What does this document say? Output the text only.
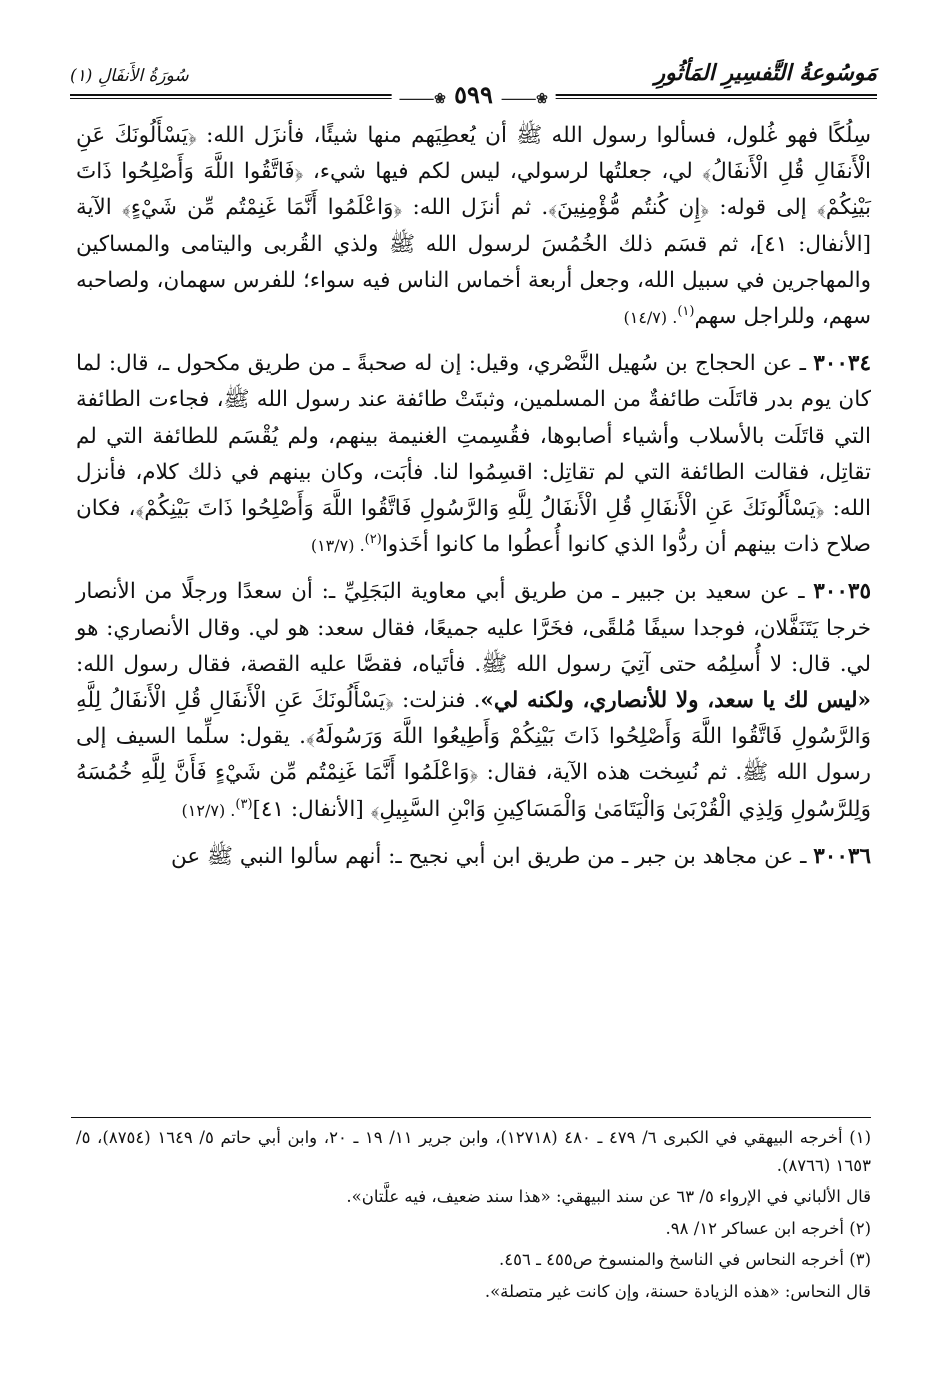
مَوسُوعةُ التَّفسِيرِ المَأثُورِ
❀⸻ ٥٩٩ ❀⸻
سُورَةُ الأَنفَالِ (١)

سِلُكًا فهو غُلول، فسألوا رسول الله ﷺ أن يُعطِيَهم منها شيئًا، فأنزَل الله: ﴿يَسْأَلُونَكَ عَنِ الْأَنفَالِ قُلِ الْأَنفَالُ﴾ لي، جعلتُها لرسولي، ليس لكم فيها شيء، ﴿فَاتَّقُوا اللَّهَ وَأَصْلِحُوا ذَاتَ بَيْنِكُمْ﴾ إلى قوله: ﴿إِن كُنتُم مُّؤْمِنِينَ﴾. ثم أنزَل الله: ﴿وَاعْلَمُوا أَنَّمَا غَنِمْتُم مِّن شَيْءٍ﴾ الآية [الأنفال: ٤١]، ثم قسَم ذلك الخُمُسَ لرسول الله ﷺ ولذي القُربى واليتامى والمساكين والمهاجرين في سبيل الله، وجعل أربعة أخماس الناس فيه سواء؛ للفرس سهمان، ولصاحبه سهم، وللراجل سهم$^{(١)}$. (١٤/٧)

٣٠٠٣٤ ـ عن الحجاج بن سُهيل النَّصْري، وقيل: إن له صحبةً ـ من طريق مكحول ـ، قال: لما كان يوم بدر قاتَلَت طائفةٌ من المسلمين، وثبتَتْ طائفة عند رسول الله ﷺ، فجاءت الطائفة التي قاتَلَت بالأسلاب وأشياء أصابوها، فقُسِمتِ الغنيمة بينهم، ولم يُقْسَم للطائفة التي لم تقاتِل، فقالت الطائفة التي لم تقاتِل: اقسِمُوا لنا. فأبَت، وكان بينهم في ذلك كلام، فأنزل الله: ﴿يَسْأَلُونَكَ عَنِ الْأَنفَالِ قُلِ الْأَنفَالُ لِلَّهِ وَالرَّسُولِ فَاتَّقُوا اللَّهَ وَأَصْلِحُوا ذَاتَ بَيْنِكُمْ﴾، فكان صلاح ذات بينهم أن ردُّوا الذي كانوا أُعطُوا ما كانوا أخَذوا$^{(٢)}$. (١٣/٧)

٣٠٠٣٥ ـ عن سعيد بن جبير ـ من طريق أبي معاوية البَجَلِيِّ ـ: أن سعدًا ورجلًا من الأنصار خرجا يَتَنَفَّلان، فوجدا سيفًا مُلقًى، فخَرَّا عليه جميعًا، فقال سعد: هو لي. وقال الأنصاري: هو لي. قال: لا أُسلِمُه حتى آتِيَ رسول الله ﷺ. فأتَياه، فقصَّا عليه القصة، فقال رسول الله: «ليس لك يا سعد، ولا للأنصاري، ولكنه لي». فنزلت: ﴿يَسْأَلُونَكَ عَنِ الْأَنفَالِ قُلِ الْأَنفَالُ لِلَّهِ وَالرَّسُولِ فَاتَّقُوا اللَّهَ وَأَصْلِحُوا ذَاتَ بَيْنِكُمْ وَأَطِيعُوا اللَّهَ وَرَسُولَهُ﴾. يقول: سلِّما السيف إلى رسول الله ﷺ. ثم نُسِخت هذه الآية، فقال: ﴿وَاعْلَمُوا أَنَّمَا غَنِمْتُم مِّن شَيْءٍ فَأَنَّ لِلَّهِ خُمُسَهُ وَلِلرَّسُولِ وَلِذِي الْقُرْبَىٰ وَالْيَتَامَىٰ وَالْمَسَاكِينِ وَابْنِ السَّبِيلِ﴾ [الأنفال: ٤١]$^{(٣)}$. (١٢/٧)

٣٠٠٣٦ ـ عن مجاهد بن جبر ـ من طريق ابن أبي نجيح ـ: أنهم سألوا النبي ﷺ عن

(١) أخرجه البيهقي في الكبرى ٦/ ٤٧٩ ـ ٤٨٠ (١٢٧١٨)، وابن جرير ١١/ ١٩ ـ ٢٠، وابن أبي حاتم ٥/ ١٦٤٩ (٨٧٥٤)، ٥/ ١٦٥٣ (٨٧٦٦).

قال الألباني في الإرواء ٥/ ٦٣ عن سند البيهقي: «هذا سند ضعيف، فيه علَّتان».

(٢) أخرجه ابن عساكر ١٢/ ٩٨.

(٣) أخرجه النحاس في الناسخ والمنسوخ ص٤٥٥ ـ ٤٥٦.

قال النحاس: «هذه الزيادة حسنة، وإن كانت غير متصلة».
